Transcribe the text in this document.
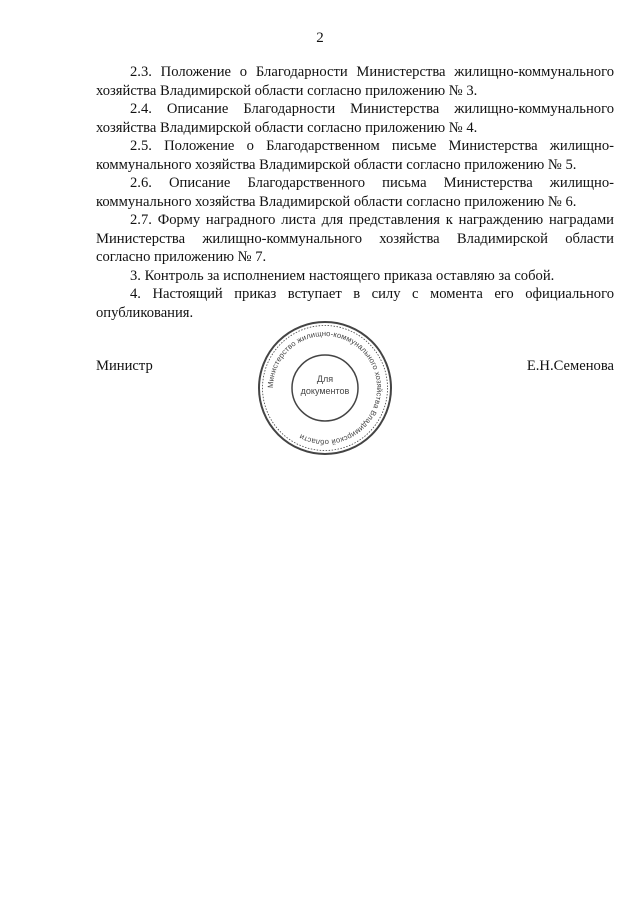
2

2.3. Положение о Благодарности Министерства жилищно-коммунального хозяйства Владимирской области согласно приложению № 3.

2.4. Описание Благодарности Министерства жилищно-коммунального хозяйства Владимирской области согласно приложению № 4.

2.5. Положение о Благодарственном письме Министерства жилищно-коммунального хозяйства Владимирской области согласно приложению № 5.

2.6. Описание Благодарственного письма Министерства жилищно-коммунального хозяйства Владимирской области согласно приложению № 6.

2.7. Форму наградного листа для представления к награждению наградами Министерства жилищно-коммунального хозяйства Владимирской области согласно приложению № 7.

3. Контроль за исполнением настоящего приказа оставляю за собой.

4. Настоящий приказ вступает в силу с момента его официального опубликования.

Министр	Е.Н.Семенова
Министерство жилищно-коммунального хозяйства Владимирской области
Для
документов
